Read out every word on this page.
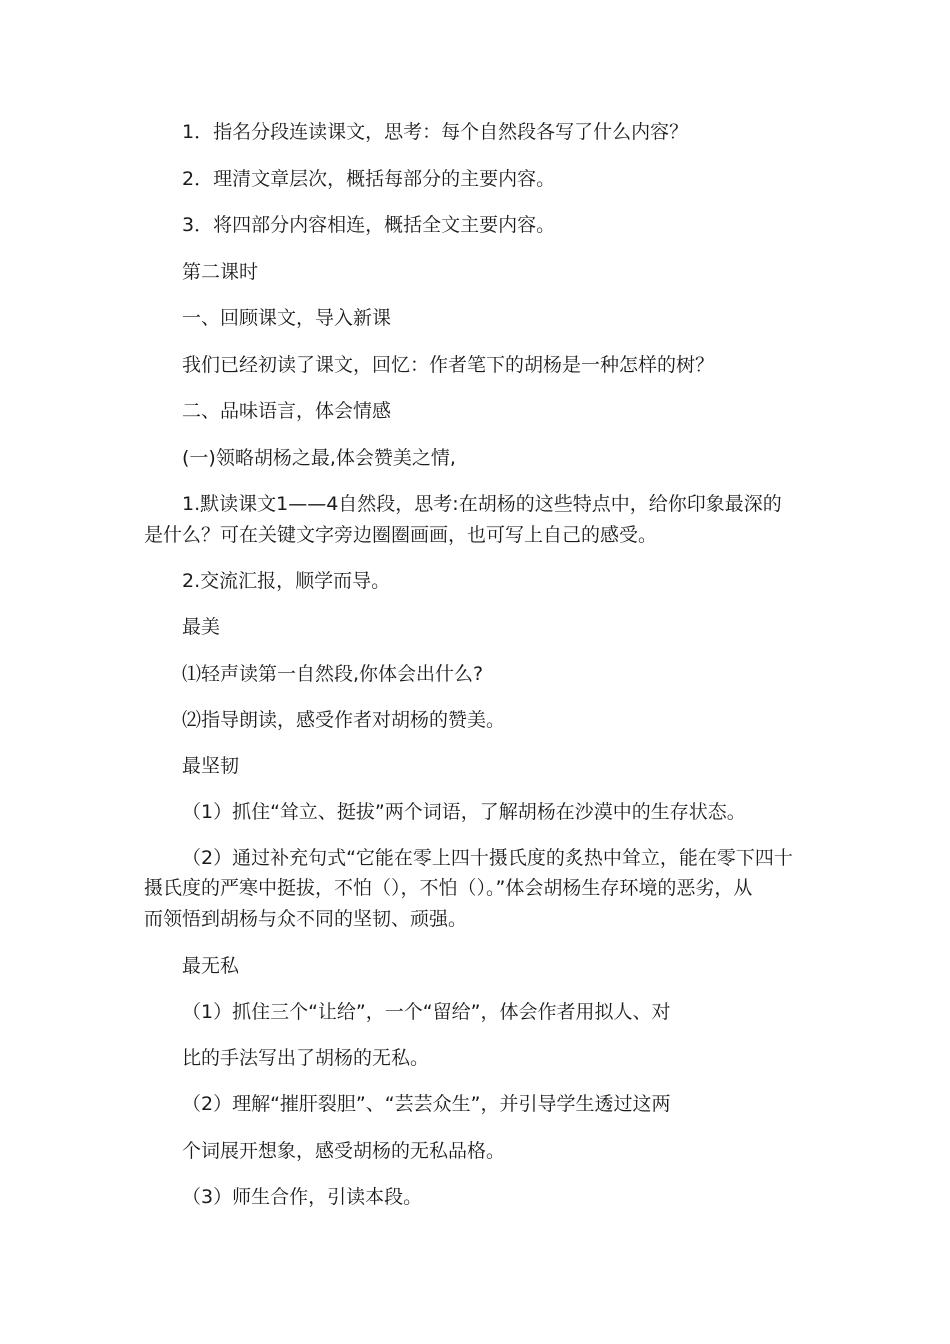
1．指名分段连读课文，思考：每个自然段各写了什么内容？

2．理清文章层次，概括每部分的主要内容。

3．将四部分内容相连，概括全文主要内容。

第二课时

一、回顾课文，导入新课

我们已经初读了课文，回忆：作者笔下的胡杨是一种怎样的树？

二、品味语言，体会情感

(一)领略胡杨之最,体会赞美之情,

1.默读课文1——4自然段，思考:在胡杨的这些特点中，给你印象最深的

是什么？可在关键文字旁边圈圈画画，也可写上自己的感受。

2.交流汇报，顺学而导。

最美

⑴轻声读第一自然段,你体会出什么?

⑵指导朗读，感受作者对胡杨的赞美。

最坚韧

（1）抓住“耸立、挺拔”两个词语，了解胡杨在沙漠中的生存状态。

（2）通过补充句式“它能在零上四十摄氏度的炙热中耸立，能在零下四十

摄氏度的严寒中挺拔，不怕（），不怕（）。”体会胡杨生存环境的恶劣，从

而领悟到胡杨与众不同的坚韧、顽强。

最无私

（1）抓住三个“让给”，一个“留给”，体会作者用拟人、对

比的手法写出了胡杨的无私。

（2）理解“摧肝裂胆”、“芸芸众生”，并引导学生透过这两

个词展开想象，感受胡杨的无私品格。

（3）师生合作，引读本段。
